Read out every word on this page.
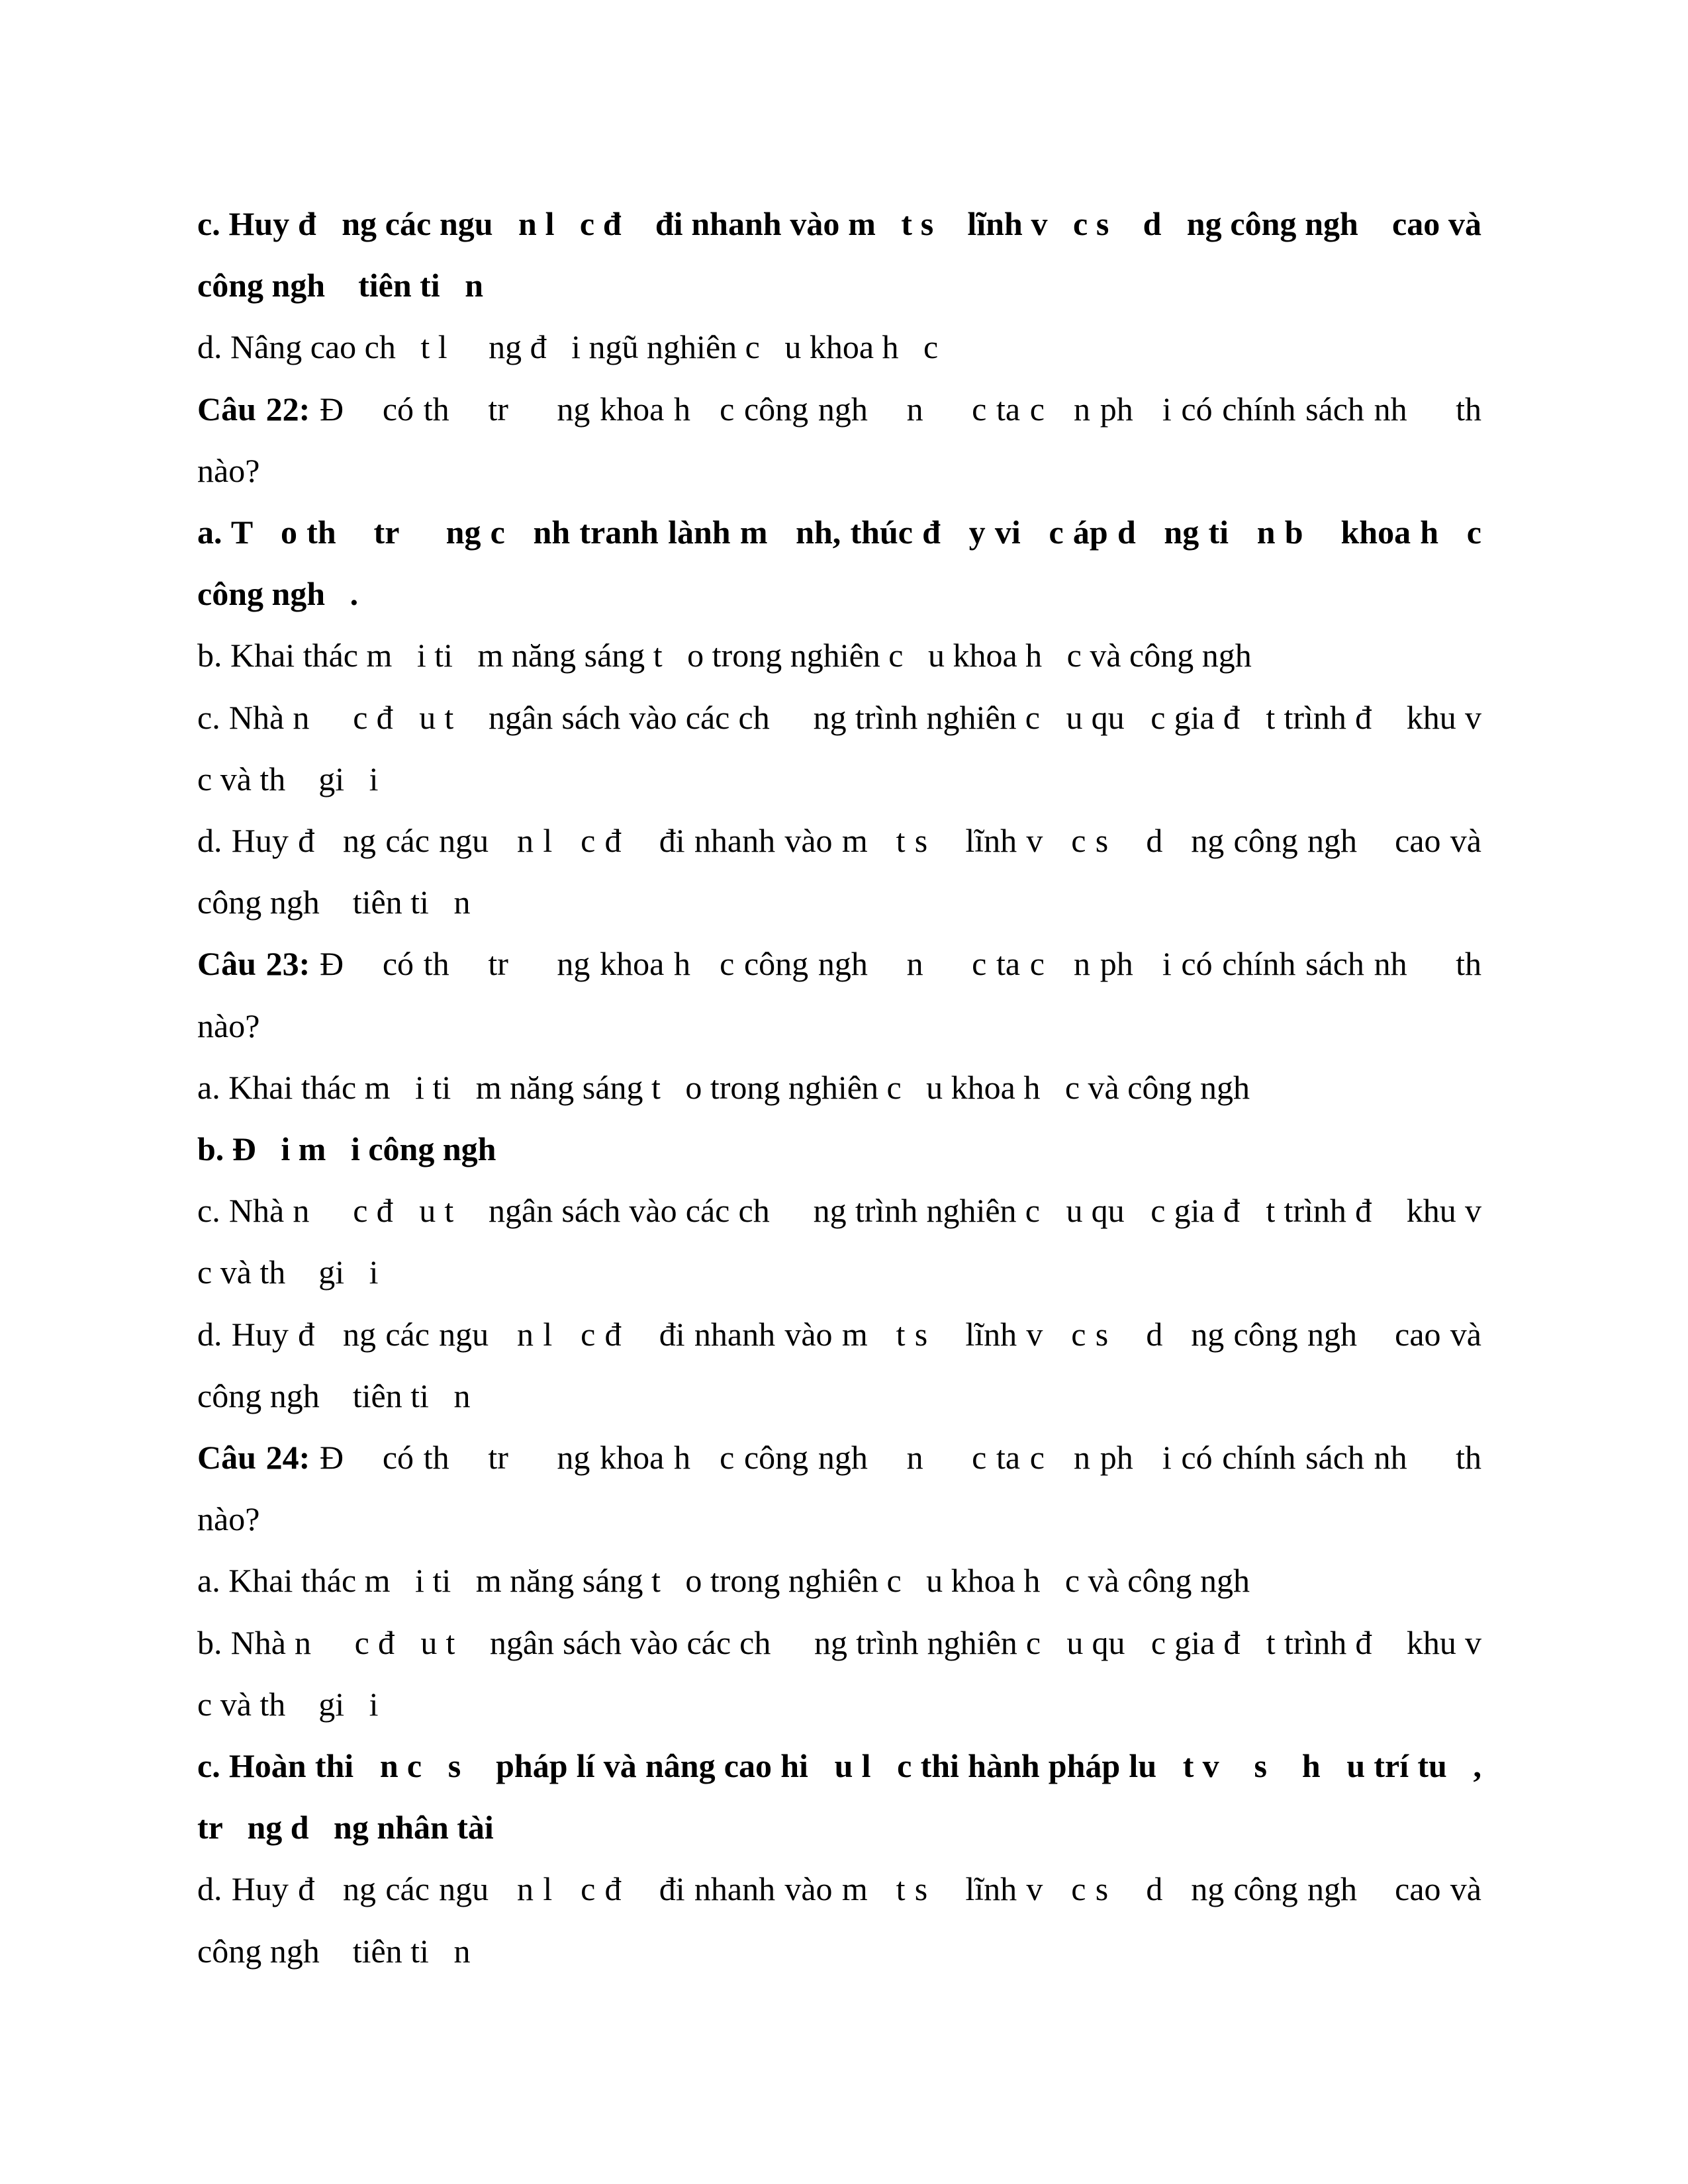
c. Huy đ   ng các ngu   n l   c đ    đi nhanh vào m   t s    lĩnh v   c s    d   ng công ngh    cao và công ngh    tiên ti   n

d. Nâng cao ch   t l     ng đ   i ngũ nghiên c   u khoa h   c

Câu 22: Đ    có th    tr     ng khoa h   c công ngh    n     c ta c   n ph   i có chính sách nh     th    nào?

a. T   o th    tr     ng c   nh tranh lành m   nh, thúc đ   y vi   c áp d   ng ti   n b    khoa h   c công ngh   .

b. Khai thác m   i ti   m năng sáng t   o trong nghiên c   u khoa h   c và công ngh

c. Nhà n     c đ   u t    ngân sách vào các ch     ng trình nghiên c   u qu   c gia đ   t trình đ    khu v   c và th    gi   i

d. Huy đ   ng các ngu   n l   c đ    đi nhanh vào m   t s    lĩnh v   c s    d   ng công ngh    cao và công ngh    tiên ti   n

Câu 23: Đ    có th    tr     ng khoa h   c công ngh    n     c ta c   n ph   i có chính sách nh     th    nào?

a. Khai thác m   i ti   m năng sáng t   o trong nghiên c   u khoa h   c và công ngh

b. Đ   i m   i công ngh

c. Nhà n     c đ   u t    ngân sách vào các ch     ng trình nghiên c   u qu   c gia đ   t trình đ    khu v   c và th    gi   i

d. Huy đ   ng các ngu   n l   c đ    đi nhanh vào m   t s    lĩnh v   c s    d   ng công ngh    cao và công ngh    tiên ti   n

Câu 24: Đ    có th    tr     ng khoa h   c công ngh    n     c ta c   n ph   i có chính sách nh     th    nào?

a. Khai thác m   i ti   m năng sáng t   o trong nghiên c   u khoa h   c và công ngh

b. Nhà n     c đ   u t    ngân sách vào các ch     ng trình nghiên c   u qu   c gia đ   t trình đ    khu v   c và th    gi   i

c. Hoàn thi   n c   s    pháp lí và nâng cao hi   u l   c thi hành pháp lu   t v    s    h   u trí tu   , tr   ng d   ng nhân tài

d. Huy đ   ng các ngu   n l   c đ    đi nhanh vào m   t s    lĩnh v   c s    d   ng công ngh    cao và công ngh    tiên ti   n
